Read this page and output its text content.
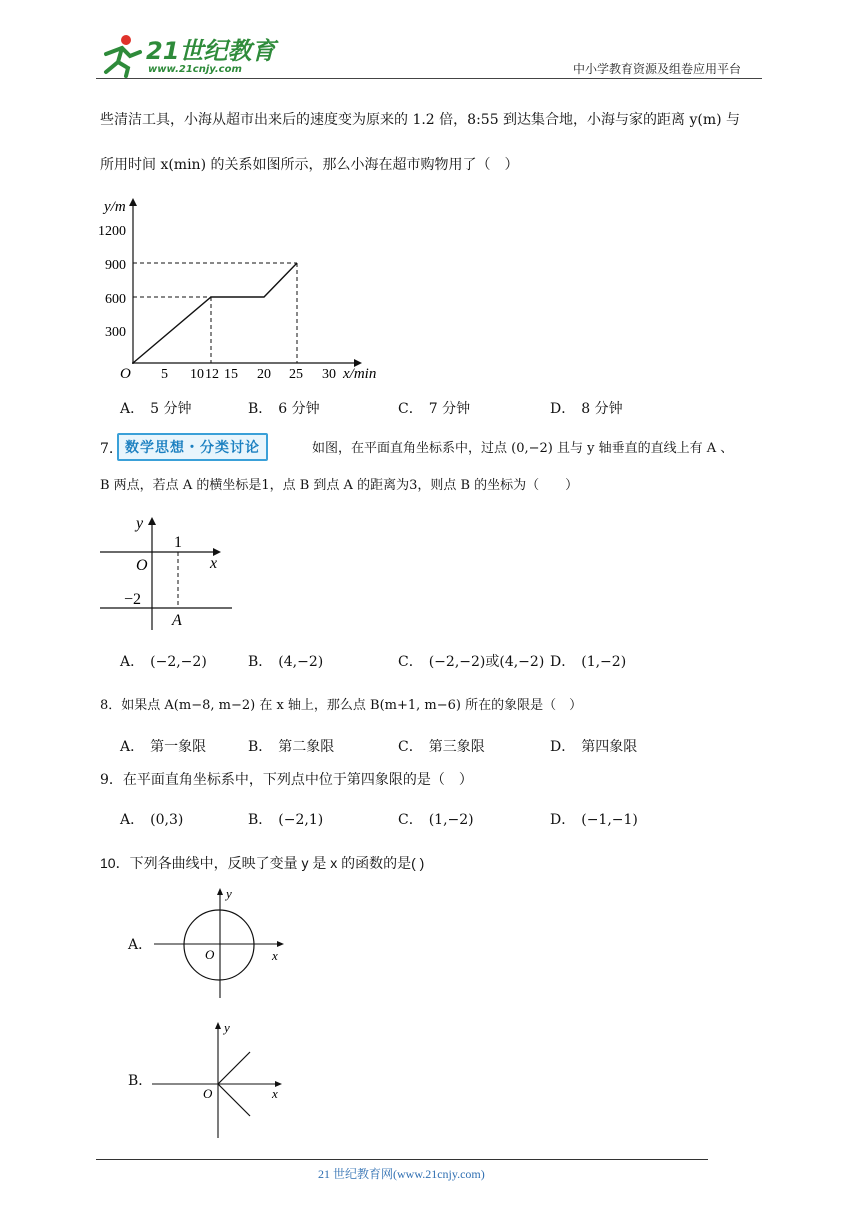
21世纪教育
www.21cnjy.com	中小学教育资源及组卷应用平台
些清洁工具，小海从超市出来后的速度变为原来的 1.2 倍，8:55 到达集合地，小海与家的距离 y(m) 与
所用时间 x(min) 的关系如图所示，那么小海在超市购物用了（　）
1200
900
600
300
O 5 10 12 15 20 25 30
y/m
x/min
A． 5 分钟	B． 6 分钟	C． 7 分钟	D． 8 分钟
7. 数学思想・分类讨论	如图，在平面直角坐标系中，过点 (0,−2) 且与 y 轴垂直的直线上有 A 、
B 两点，若点 A 的横坐标是1，点 B 到点 A 的距离为3，则点 B 的坐标为（　　）
y
1
x
O
−2
A
A． (−2,−2)	B． (4,−2)	C． (−2,−2)或(4,−2) D． (1,−2)
8．如果点 A(m−8, m−2) 在 x 轴上，那么点 B(m+1, m−6) 所在的象限是（　）
A． 第一象限	B． 第二象限	C． 第三象限	D． 第四象限
9．在平面直角坐标系中，下列点中位于第四象限的是（　）
A． (0,3)	B． (−2,1)	C． (1,−2)	D． (−1,−1)
10．下列各曲线中，反映了变量 y 是 x 的函数的是( )
A．
y
x
O
B．
y
x
O
21 世纪教育网(www.21cnjy.com)
